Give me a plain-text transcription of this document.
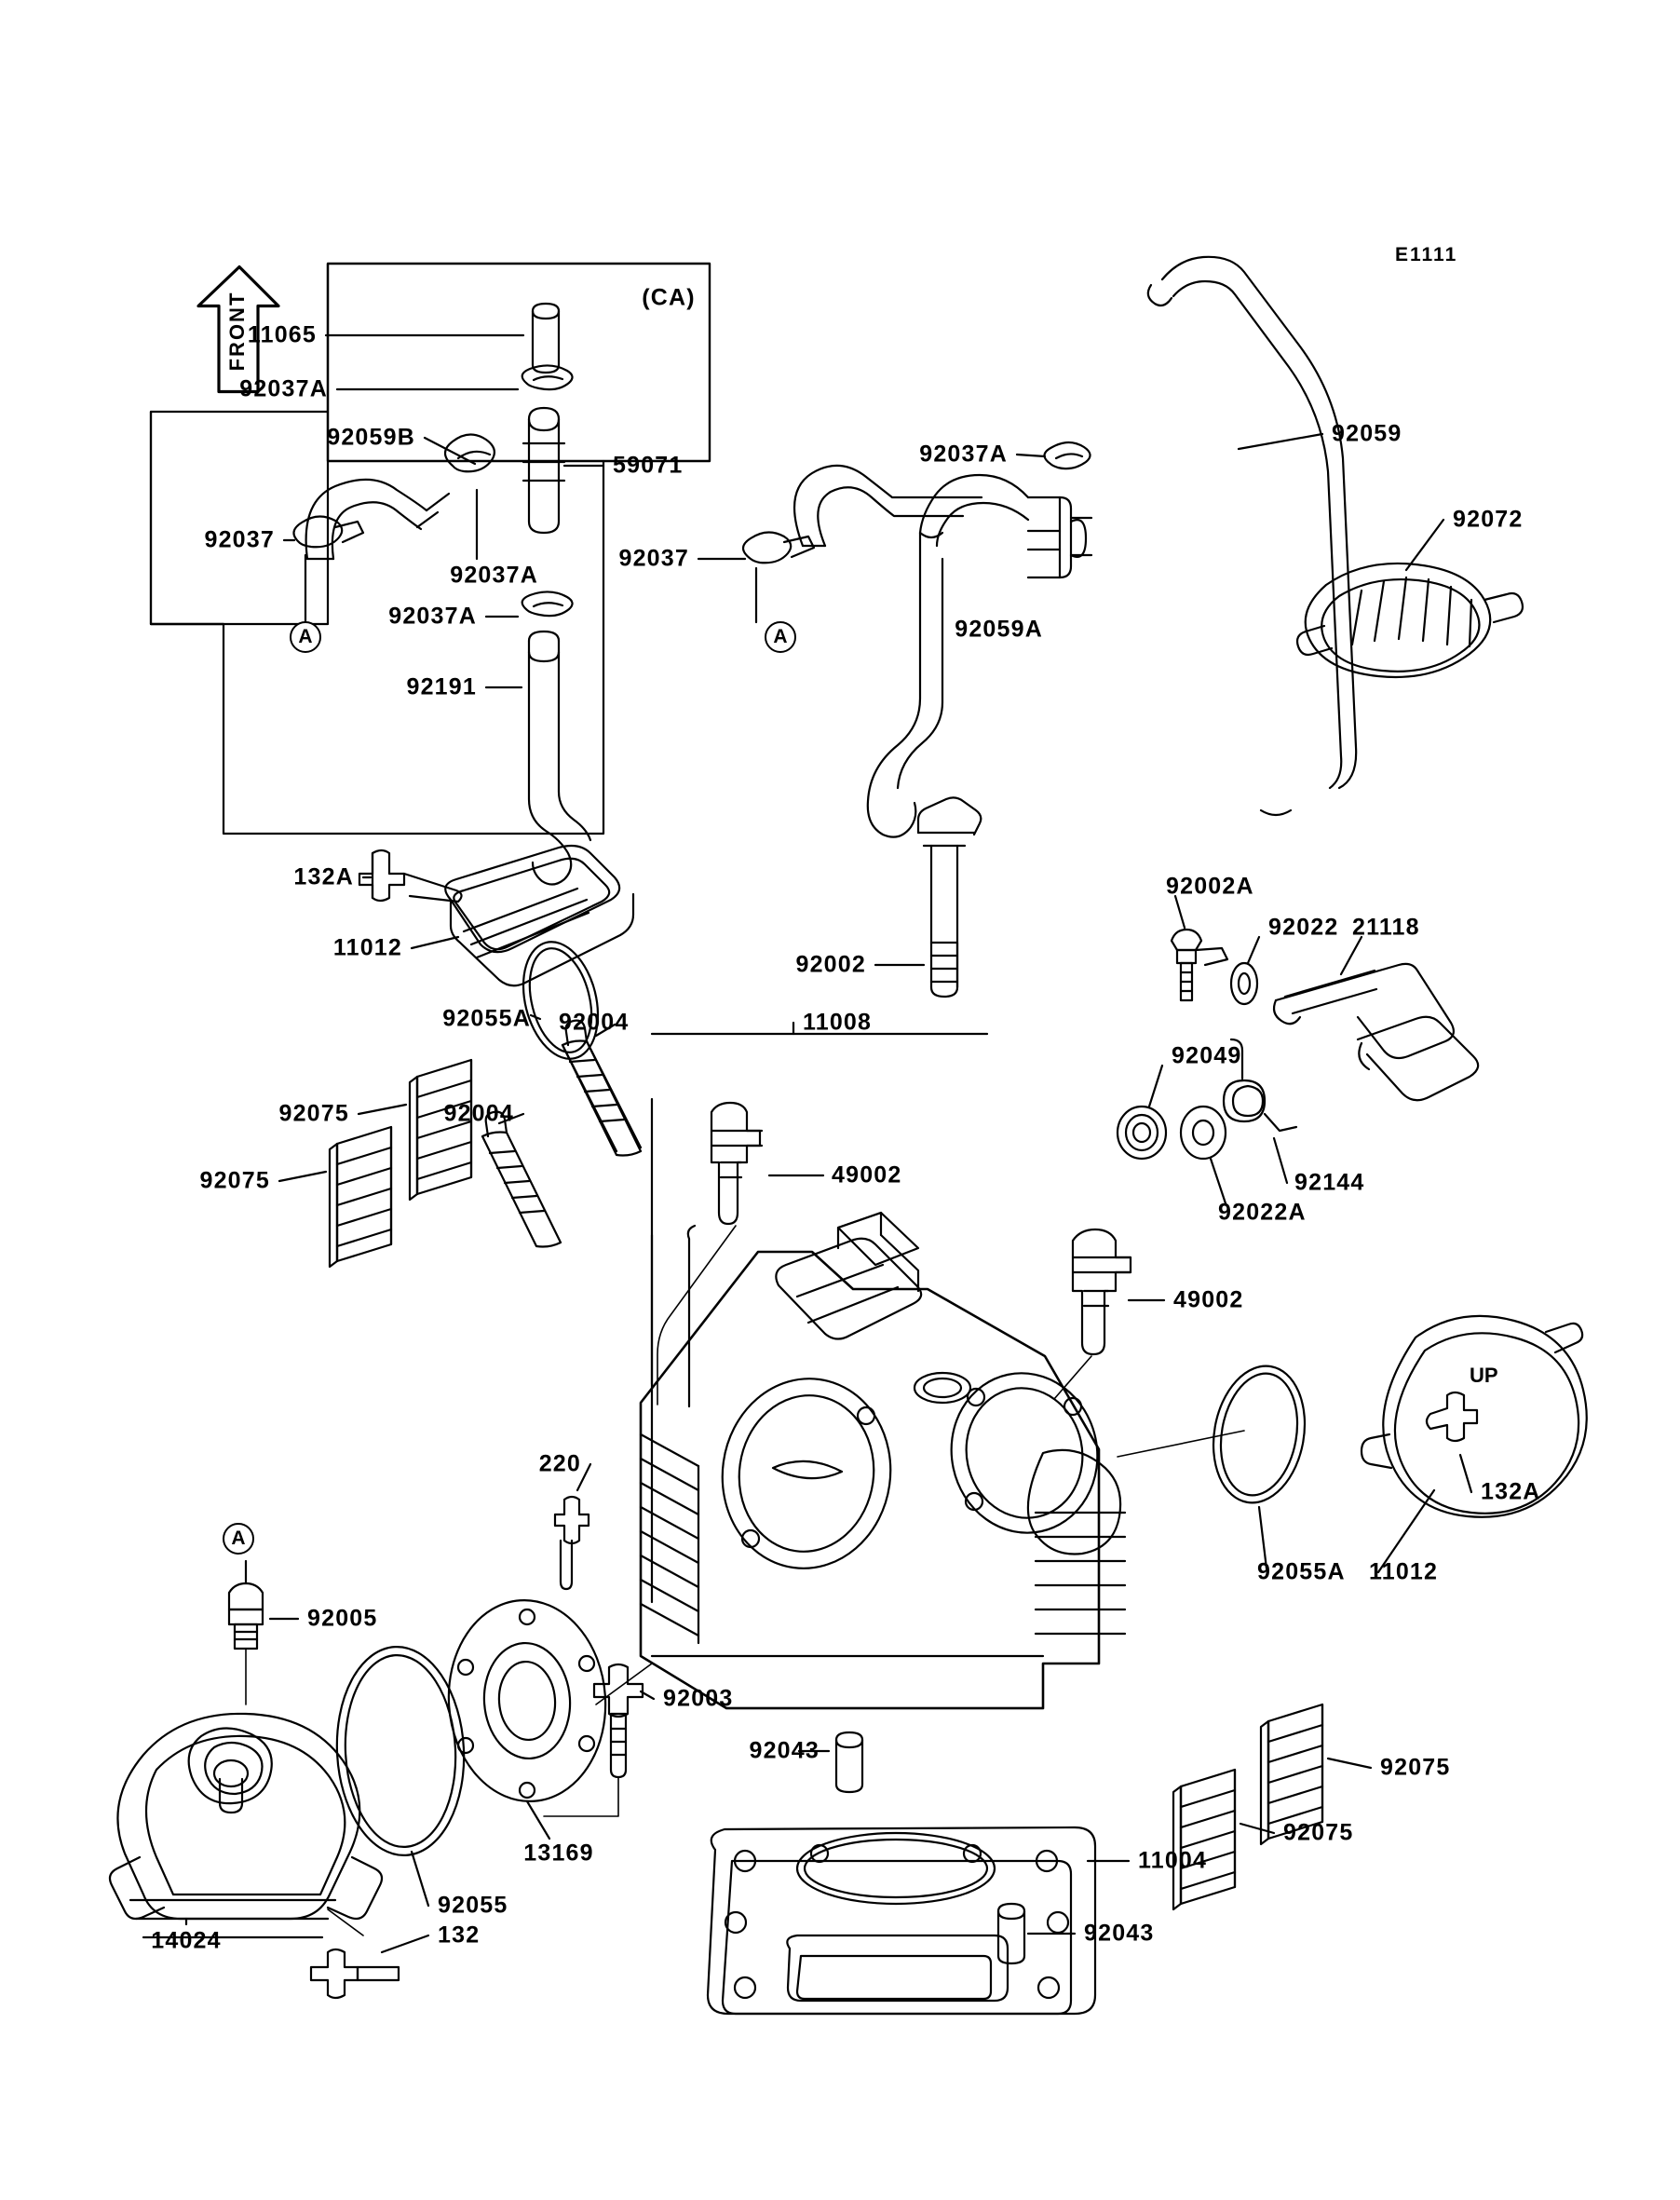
UP
FRONT	(CA)
E1111
A	A
A
11065
92037A
92059B
59071
92037
92037A
92037A
92191
92037
92037A
92059
92072
92059A
132A
11012
92055A 92004
92004
92075
92075
92002
11008
49002
92002A
92022 21118
92049
92144
92022A
49002
92055A 11012
132A
220
92005
92003
13169
92055
14024	132
92043
11004
92043
92075
92075
